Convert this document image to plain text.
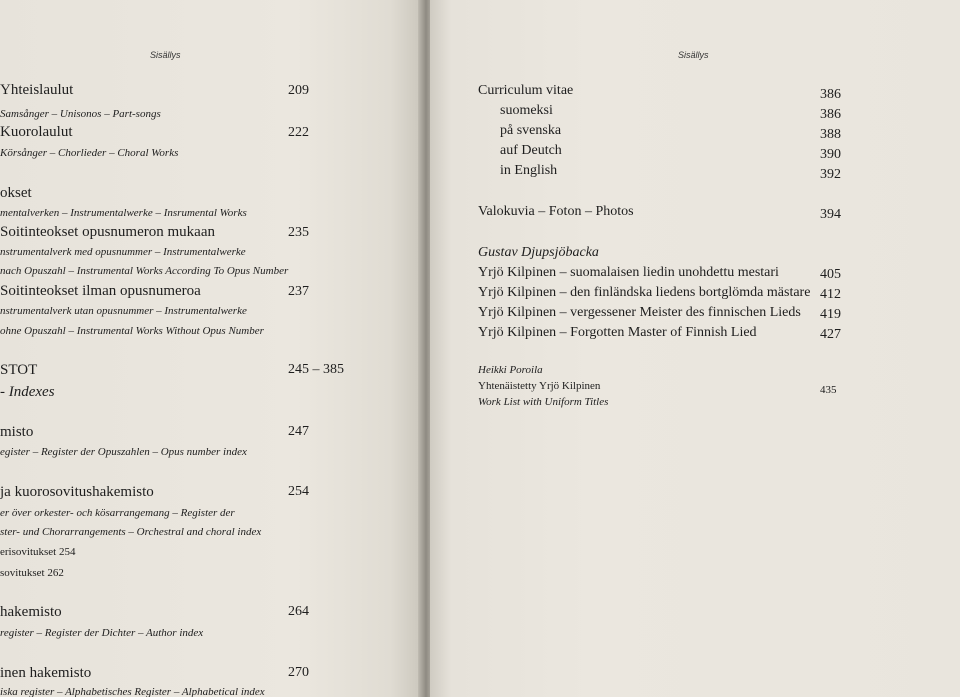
Sisällys
Yhteislaulut	209
Samsånger – Unisonos – Part-songs
Kuorolaulut	222
Körsånger – Chorlieder – Choral Works
okset
mentalverken – Instrumentalwerke – Insrumental Works
Soitinteokset opusnumeron mukaan	235
nstrumentalverk med opusnummer – Instrumentalwerke
nach Opuszahl – Instrumental Works According To Opus Number
Soitinteokset ilman opusnumeroa	237
nstrumentalverk utan opusnummer – Instrumentalwerke
ohne Opuszahl – Instrumental Works Without Opus Number
STOT	245 – 385
- Indexes
misto	247
egister – Register der Opuszahlen – Opus number index
ja kuorosovitushakemisto	254
er över orkester- och kösarrangemang – Register der
ster- und Chorarrangements – Orchestral and choral index
erisovitukset 254
sovitukset 262
hakemisto	264
register – Register der Dichter – Author index
inen hakemisto	270
iska register – Alphabetisches Register – Alphabetical index
Sisällys
Curriculum vitae	386
suomeksi	386
på svenska	388
auf Deutch	390
in English	392
Valokuvia – Foton – Photos	394
Gustav Djupsjöbacka
Yrjö Kilpinen – suomalaisen liedin unohdettu mestari	405
Yrjö Kilpinen – den finländska liedens bortglömda mästare 412
Yrjö Kilpinen – vergessener Meister des finnischen Lieds 419
Yrjö Kilpinen – Forgotten Master of Finnish Lied	427
Heikki Poroila
Yhtenäistetty Yrjö Kilpinen	435
Work List with Uniform Titles
